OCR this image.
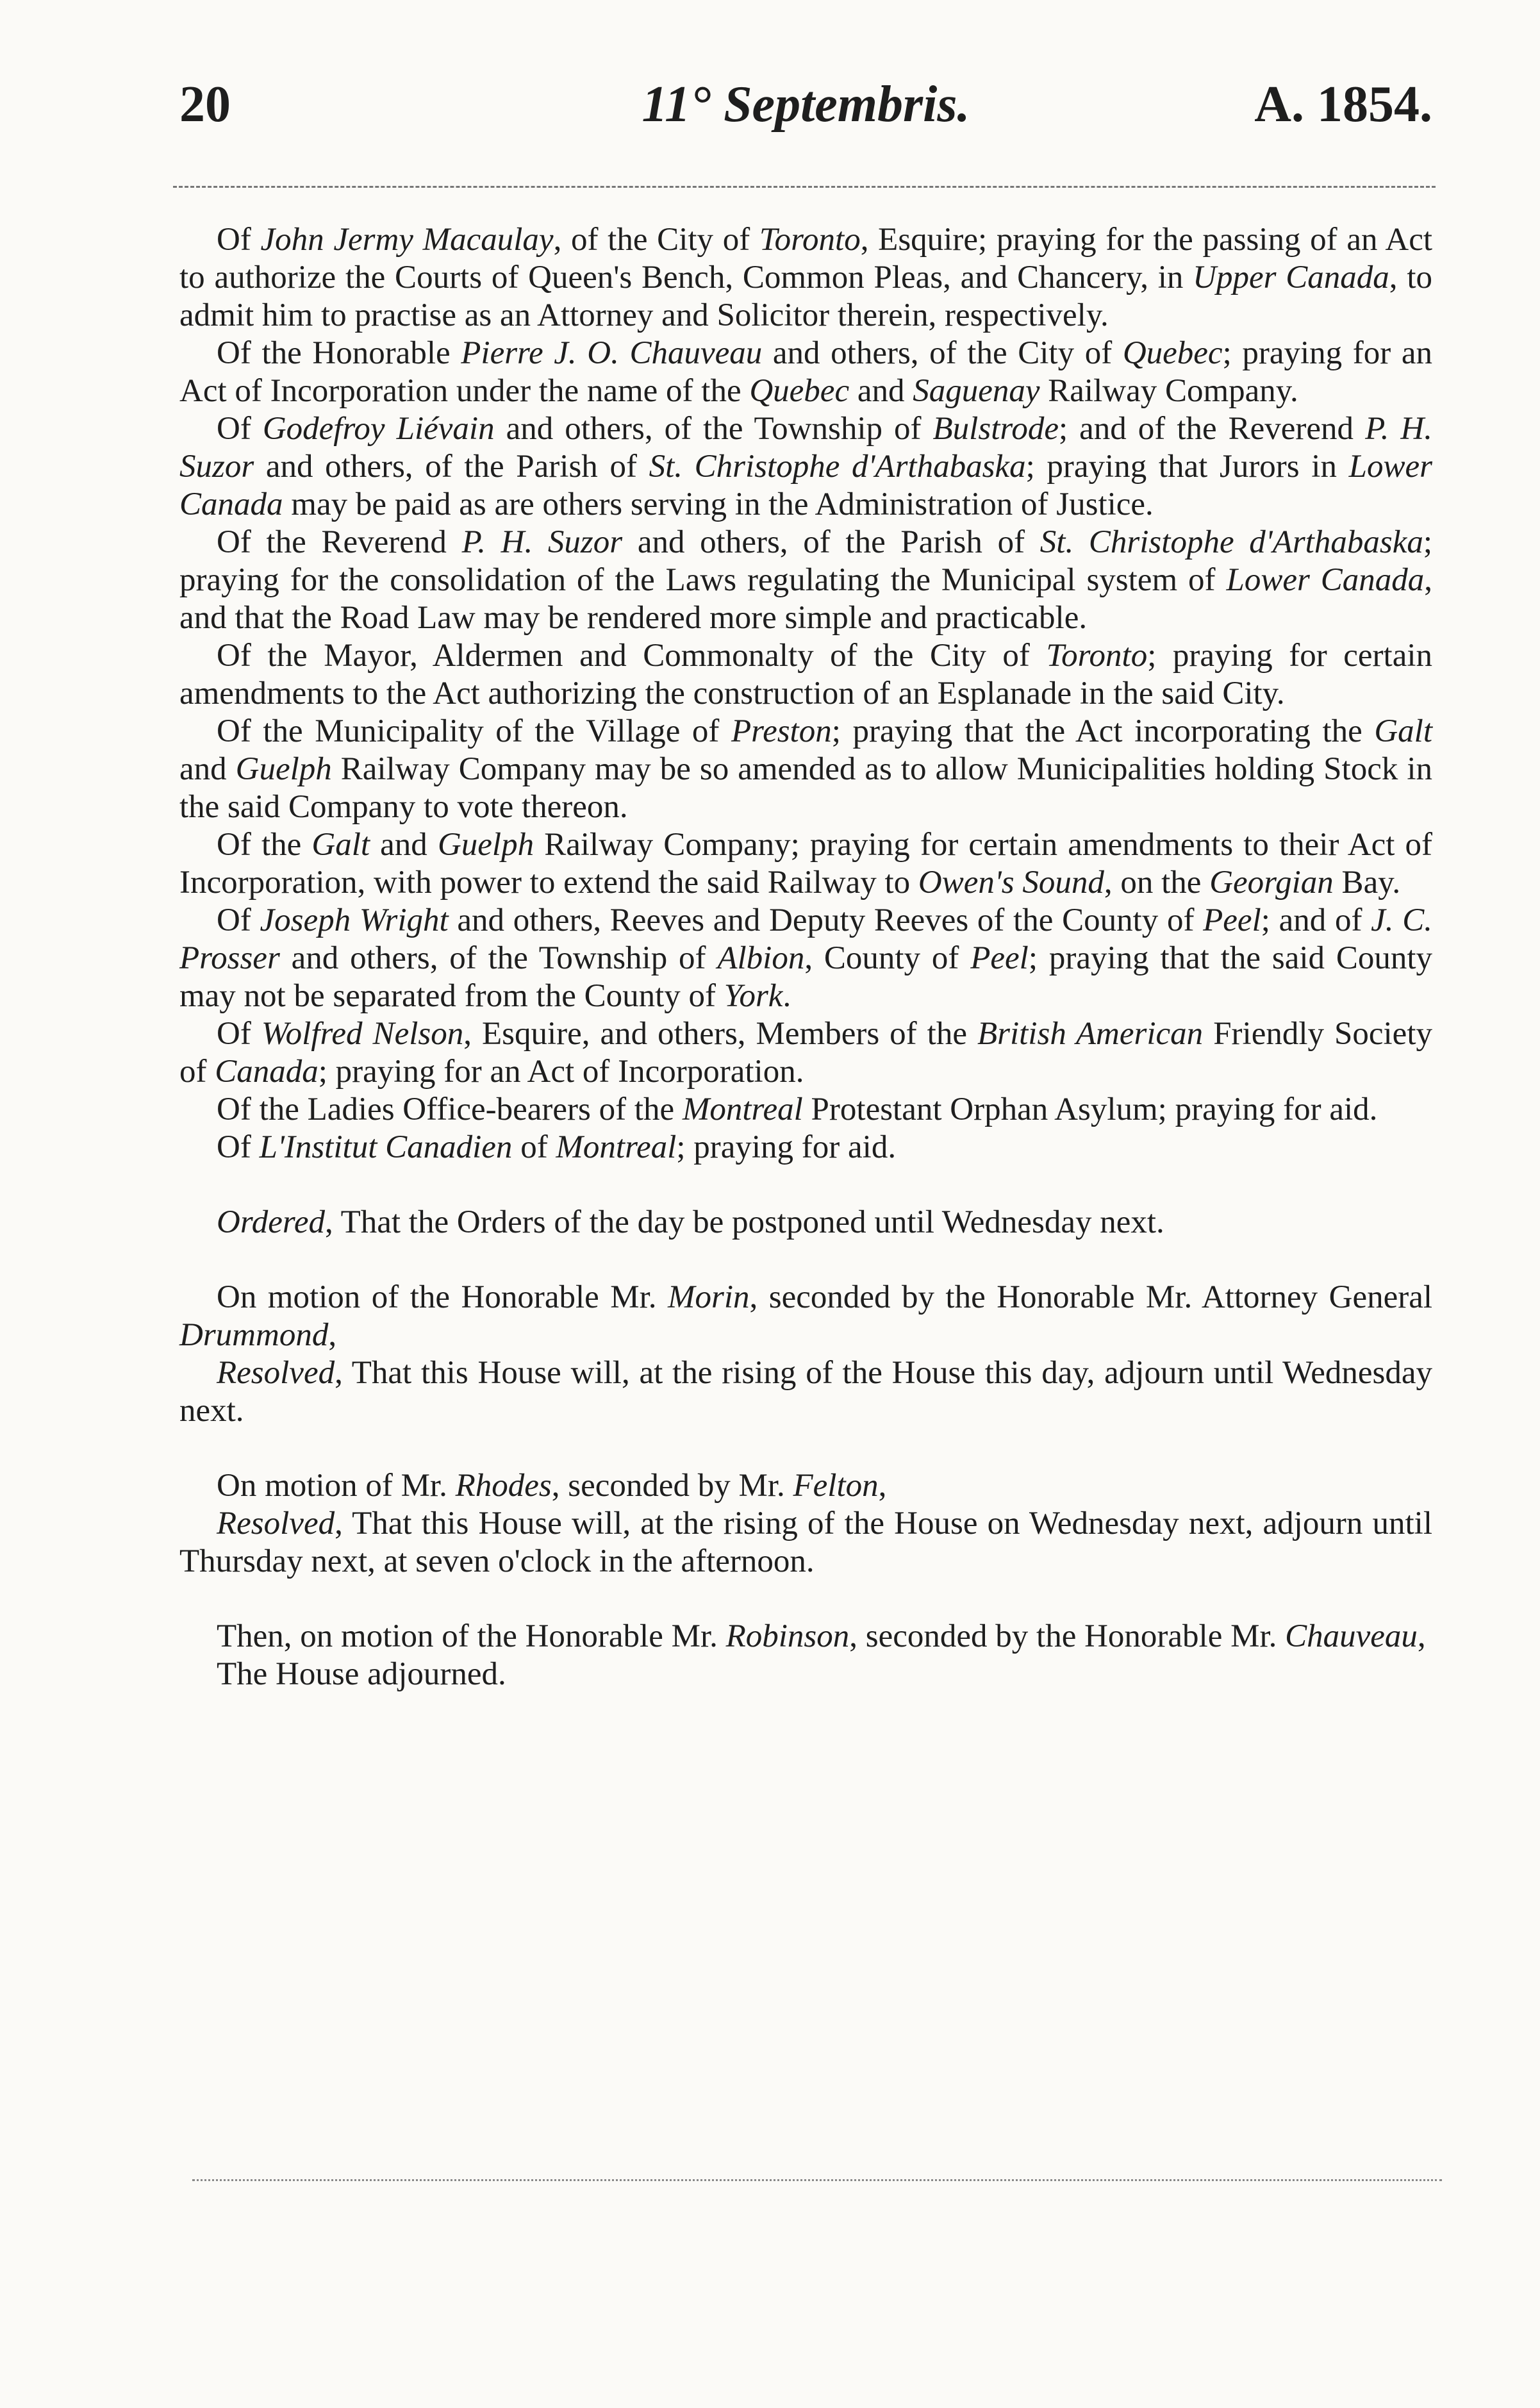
20	11° Septembris.	A. 1854.

Of John Jermy Macaulay, of the City of Toronto, Esquire; praying for the passing of an Act to authorize the Courts of Queen's Bench, Common Pleas, and Chancery, in Upper Canada, to admit him to practise as an Attorney and Solicitor therein, respectively.

Of the Honorable Pierre J. O. Chauveau and others, of the City of Quebec; praying for an Act of Incorporation under the name of the Quebec and Saguenay Railway Company.

Of Godefroy Liévain and others, of the Township of Bulstrode; and of the Reverend P. H. Suzor and others, of the Parish of St. Christophe d'Arthabaska; praying that Jurors in Lower Canada may be paid as are others serving in the Administration of Justice.

Of the Reverend P. H. Suzor and others, of the Parish of St. Christophe d'Arthabaska; praying for the consolidation of the Laws regulating the Municipal system of Lower Canada, and that the Road Law may be rendered more simple and practicable.

Of the Mayor, Aldermen and Commonalty of the City of Toronto; praying for certain amendments to the Act authorizing the construction of an Esplanade in the said City.

Of the Municipality of the Village of Preston; praying that the Act incorporating the Galt and Guelph Railway Company may be so amended as to allow Municipalities holding Stock in the said Company to vote thereon.

Of the Galt and Guelph Railway Company; praying for certain amendments to their Act of Incorporation, with power to extend the said Railway to Owen's Sound, on the Georgian Bay.

Of Joseph Wright and others, Reeves and Deputy Reeves of the County of Peel; and of J. C. Prosser and others, of the Township of Albion, County of Peel; praying that the said County may not be separated from the County of York.

Of Wolfred Nelson, Esquire, and others, Members of the British American Friendly Society of Canada; praying for an Act of Incorporation.

Of the Ladies Office-bearers of the Montreal Protestant Orphan Asylum; praying for aid.

Of L'Institut Canadien of Montreal; praying for aid.

Ordered, That the Orders of the day be postponed until Wednesday next.

On motion of the Honorable Mr. Morin, seconded by the Honorable Mr. Attorney General Drummond,

Resolved, That this House will, at the rising of the House this day, adjourn until Wednesday next.

On motion of Mr. Rhodes, seconded by Mr. Felton,

Resolved, That this House will, at the rising of the House on Wednesday next, adjourn until Thursday next, at seven o'clock in the afternoon.

Then, on motion of the Honorable Mr. Robinson, seconded by the Honorable Mr. Chauveau,

The House adjourned.
